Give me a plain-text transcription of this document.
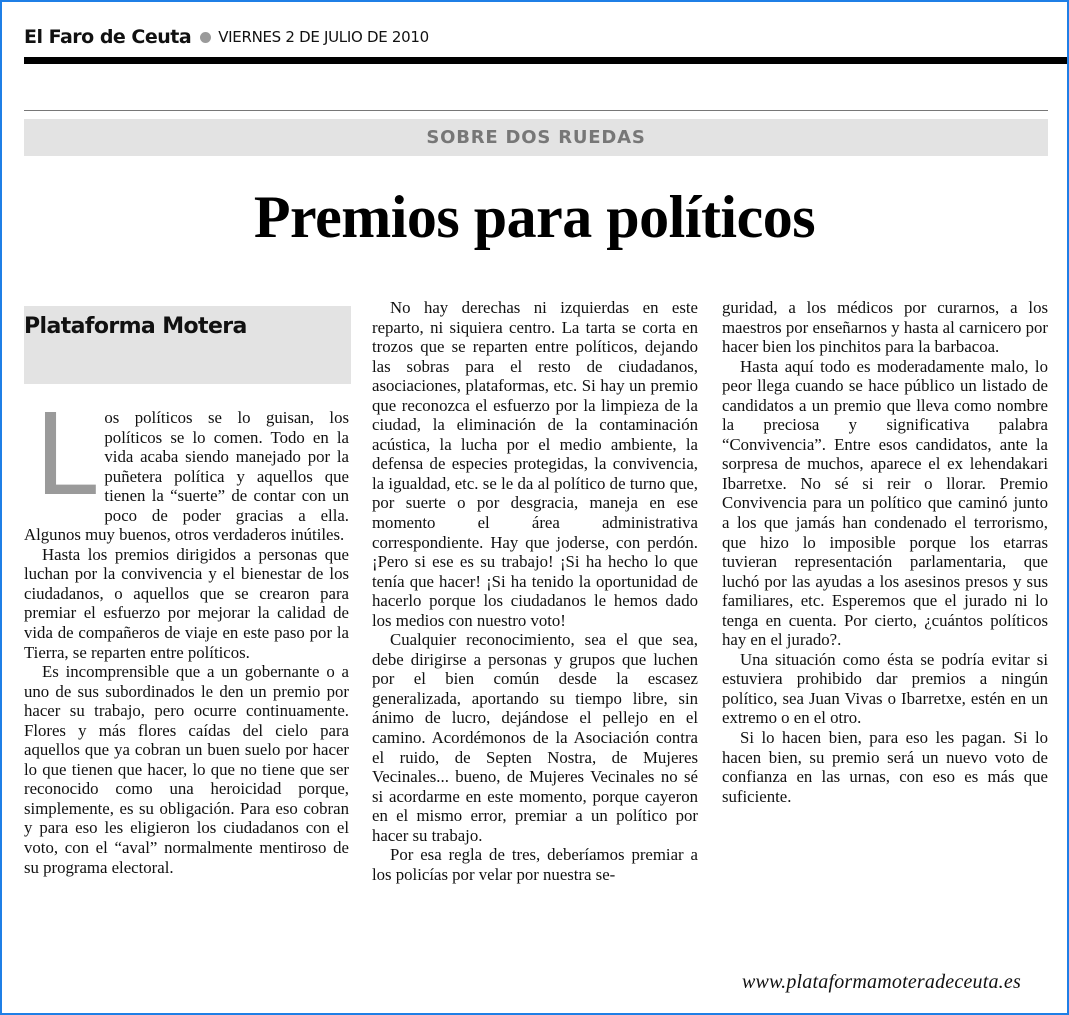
El Faro de Ceuta VIERNES 2 DE JULIO DE 2010
SOBRE DOS RUEDAS
Premios para políticos
Plataforma Motera

Los políticos se lo guisan, los políticos se lo comen. Todo en la vida acaba siendo manejado por la puñetera política y aquellos que tienen la “suerte” de contar con un poco de poder gracias a ella. Algunos muy buenos, otros verdaderos inútiles.

Hasta los premios dirigidos a personas que luchan por la convivencia y el bienestar de los ciudadanos, o aquellos que se crearon para premiar el esfuerzo por mejorar la calidad de vida de compañeros de viaje en este paso por la Tierra, se reparten entre políticos.

Es incomprensible que a un gobernante o a uno de sus subordinados le den un premio por hacer su trabajo, pero ocurre continuamente. Flores y más flores caídas del cielo para aquellos que ya cobran un buen suelo por hacer lo que tienen que hacer, lo que no tiene que ser reconocido como una heroicidad porque, simplemente, es su obligación. Para eso cobran y para eso les eligieron los ciudadanos con el voto, con el “aval” normalmente mentiroso de su programa electoral.

No hay derechas ni izquierdas en este reparto, ni siquiera centro. La tarta se corta en trozos que se reparten entre políticos, dejando las sobras para el resto de ciudadanos, asociaciones, plataformas, etc. Si hay un premio que reconozca el esfuerzo por la limpieza de la ciudad, la eliminación de la contaminación acústica, la lucha por el medio ambiente, la defensa de especies protegidas, la convivencia, la igualdad, etc. se le da al político de turno que, por suerte o por desgracia, maneja en ese momento el área administrativa correspondiente. Hay que joderse, con perdón. ¡Pero si ese es su trabajo! ¡Si ha hecho lo que tenía que hacer! ¡Si ha tenido la oportunidad de hacerlo porque los ciudadanos le hemos dado los medios con nuestro voto!

Cualquier reconocimiento, sea el que sea, debe dirigirse a personas y grupos que luchen por el bien común desde la escasez generalizada, aportando su tiempo libre, sin ánimo de lucro, dejándose el pellejo en el camino. Acordémonos de la Asociación contra el ruido, de Septen Nostra, de Mujeres Vecinales... bueno, de Mujeres Vecinales no sé si acordarme en este momento, porque cayeron en el mismo error, premiar a un político por hacer su trabajo.

Por esa regla de tres, deberíamos premiar a los policías por velar por nuestra se-

guridad, a los médicos por curarnos, a los maestros por enseñarnos y hasta al carnicero por hacer bien los pinchitos para la barbacoa.

Hasta aquí todo es moderadamente malo, lo peor llega cuando se hace público un listado de candidatos a un premio que lleva como nombre la preciosa y significativa palabra “Convivencia”. Entre esos candidatos, ante la sorpresa de muchos, aparece el ex lehendakari Ibarretxe. No sé si reir o llorar. Premio Convivencia para un político que caminó junto a los que jamás han condenado el terrorismo, que hizo lo imposible porque los etarras tuvieran representación parlamentaria, que luchó por las ayudas a los asesinos presos y sus familiares, etc. Esperemos que el jurado ni lo tenga en cuenta. Por cierto, ¿cuántos políticos hay en el jurado?.

Una situación como ésta se podría evitar si estuviera prohibido dar premios a ningún político, sea Juan Vivas o Ibarretxe, estén en un extremo o en el otro.

Si lo hacen bien, para eso les pagan. Si lo hacen bien, su premio será un nuevo voto de confianza en las urnas, con eso es más que suficiente.

www.plataformamoteradeceuta.es
